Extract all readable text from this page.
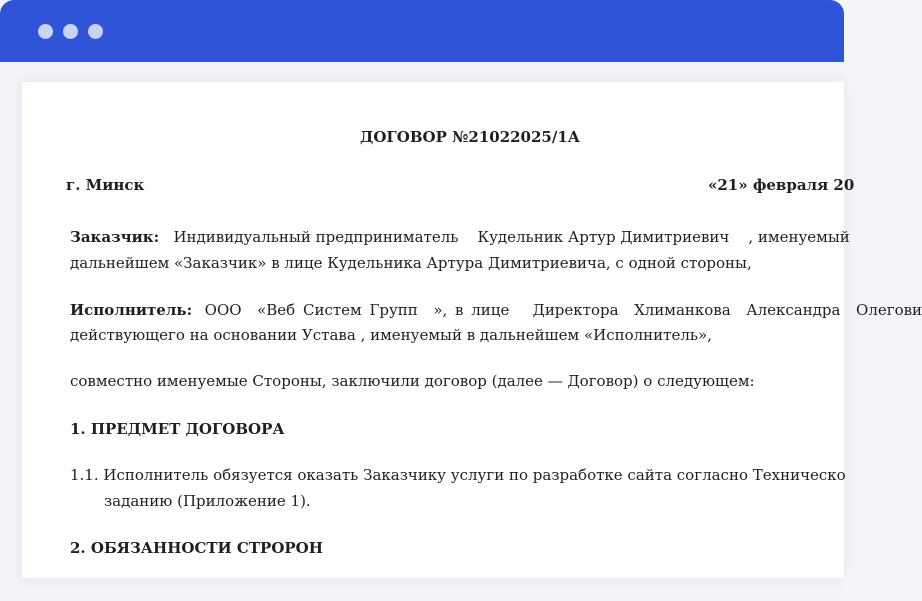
ДОГОВОР №21022025/1А
г. Минск	«21» февраля 20
Заказчик:   Индивидуальный предприниматель    Кудельник Артур Димитриевич    , именуемый
дальнейшем «Заказчик» в лице Кудельника Артура Димитриевича, с одной стороны,
Исполнитель:  ООО  «Веб Систем Групп  », в лице   Директора  Хлиманкова  Александра  Олегови
действующего на основании Устава , именуемый в дальнейшем «Исполнитель»,
совместно именуемые Стороны, заключили договор (далее — Договор) о следующем:
1. ПРЕДМЕТ ДОГОВОРА
1.1. Исполнитель обязуется оказать Заказчику услуги по разработке сайта согласно Техническо
заданию (Приложение 1).
2. ОБЯЗАННОСТИ СТРОРОН
